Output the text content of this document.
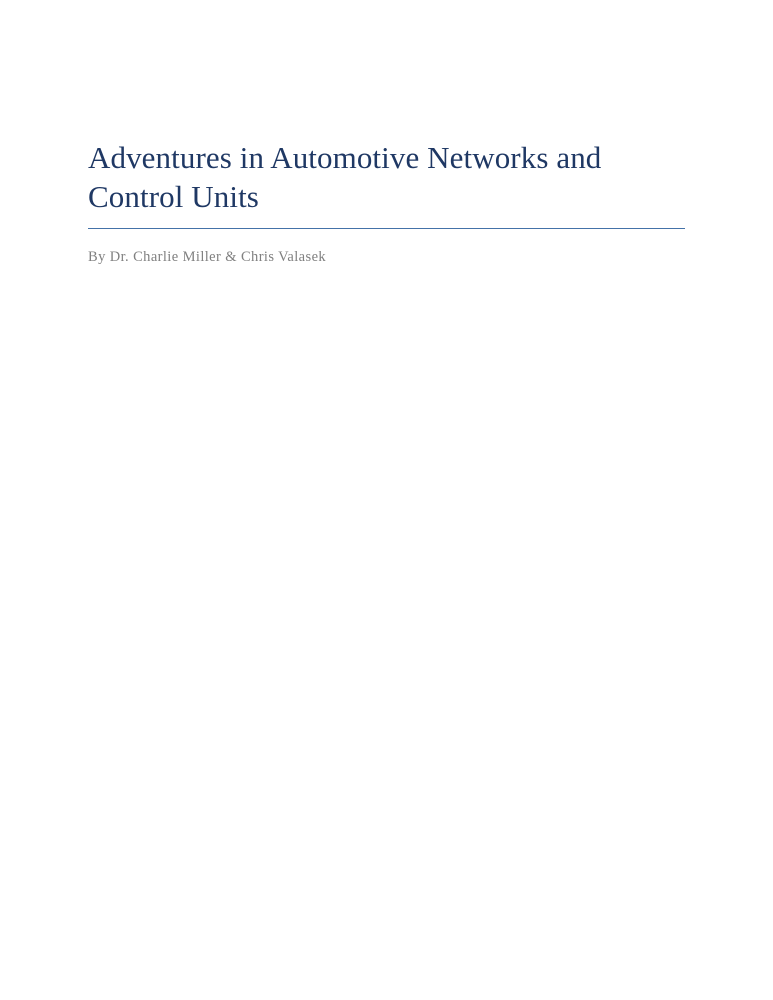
Adventures in Automotive Networks and Control Units

By Dr. Charlie Miller & Chris Valasek
